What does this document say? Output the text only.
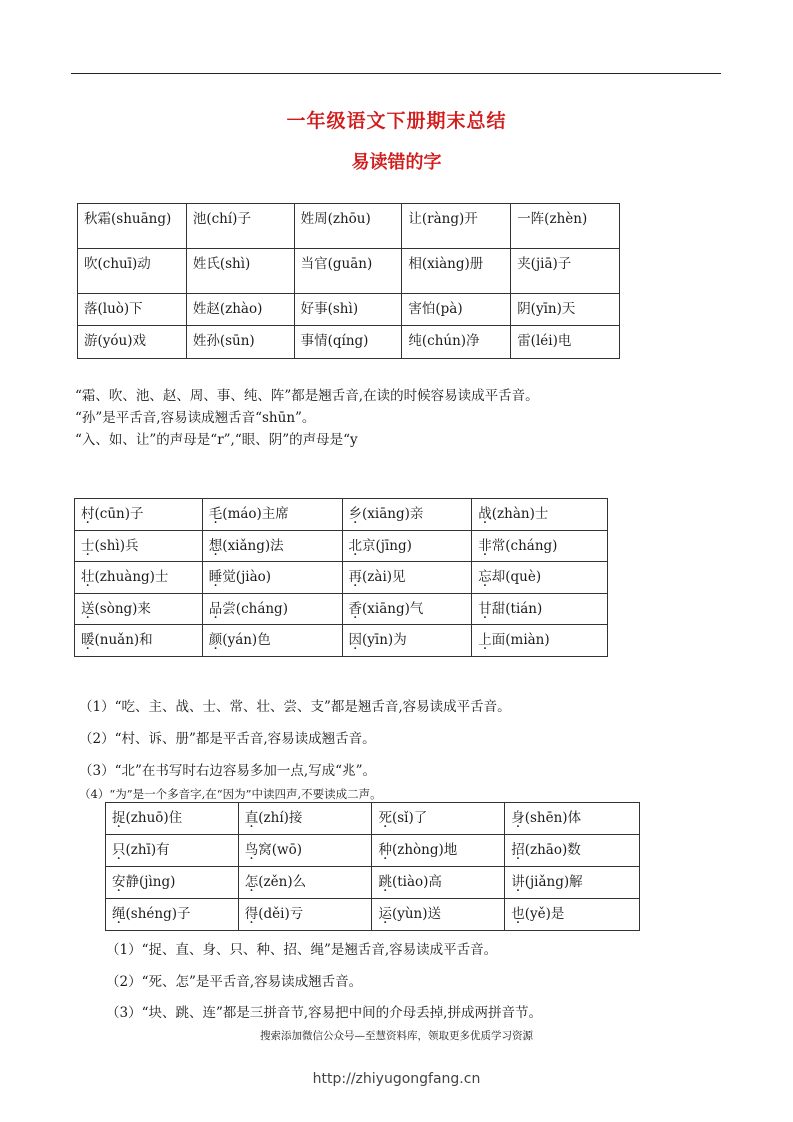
一年级语文下册期末总结
易读错的字
秋霜(shuāng)	池(chí)子	姓周(zhōu)	让(ràng)开	一阵(zhèn)
吹(chuī)动	姓氏(shì)	当官(guān)	相(xiàng)册	夹(jiā)子
落(luò)下	姓赵(zhào)	好事(shì)	害怕(pà)	阴(yīn)天
游(yóu)戏	姓孙(sūn)	事情(qíng)	纯(chún)净	雷(léi)电

“霜、吹、池、赵、周、事、纯、阵”都是翘舌音,在读的时候容易读成平舌音。

“孙”是平舌音,容易读成翘舌音“shūn”。

“入、如、让”的声母是“r”,“眼、阴”的声母是“y

村(cūn)子	毛(máo)主席	乡(xiāng)亲	战(zhàn)士
士(shì)兵	想(xiǎng)法	北京(jīng)	非常(cháng)
壮(zhuàng)士	睡觉(jiào)	再(zài)见	忘却(què)
送(sòng)来	品尝(cháng)	香(xiāng)气	甘甜(tián)
暖(nuǎn)和	颜(yán)色	因(yīn)为	上面(miàn)

（1）“吃、主、战、士、常、壮、尝、支”都是翘舌音,容易读成平舌音。

（2）“村、诉、册”都是平舌音,容易读成翘舌音。

（3）“北”在书写时右边容易多加一点,写成“兆”。

（4）“为”是一个多音字,在“因为”中读四声,不要读成二声。

捉(zhuō)住	直(zhí)接	死(sǐ)了	身(shēn)体
只(zhī)有	鸟窝(wō)	种(zhòng)地	招(zhāo)数
安静(jìng)	怎(zěn)么	跳(tiào)高	讲(jiǎng)解
绳(shéng)子	得(děi)亏	运(yùn)送	也(yě)是

（1）“捉、直、身、只、种、招、绳”是翘舌音,容易读成平舌音。

（2）“死、怎”是平舌音,容易读成翘舌音。

（3）“块、跳、连”都是三拼音节,容易把中间的介母丢掉,拼成两拼音节。

搜索添加微信公众号—至慧资料库，领取更多优质学习资源
http://zhiyugongfang.cn
